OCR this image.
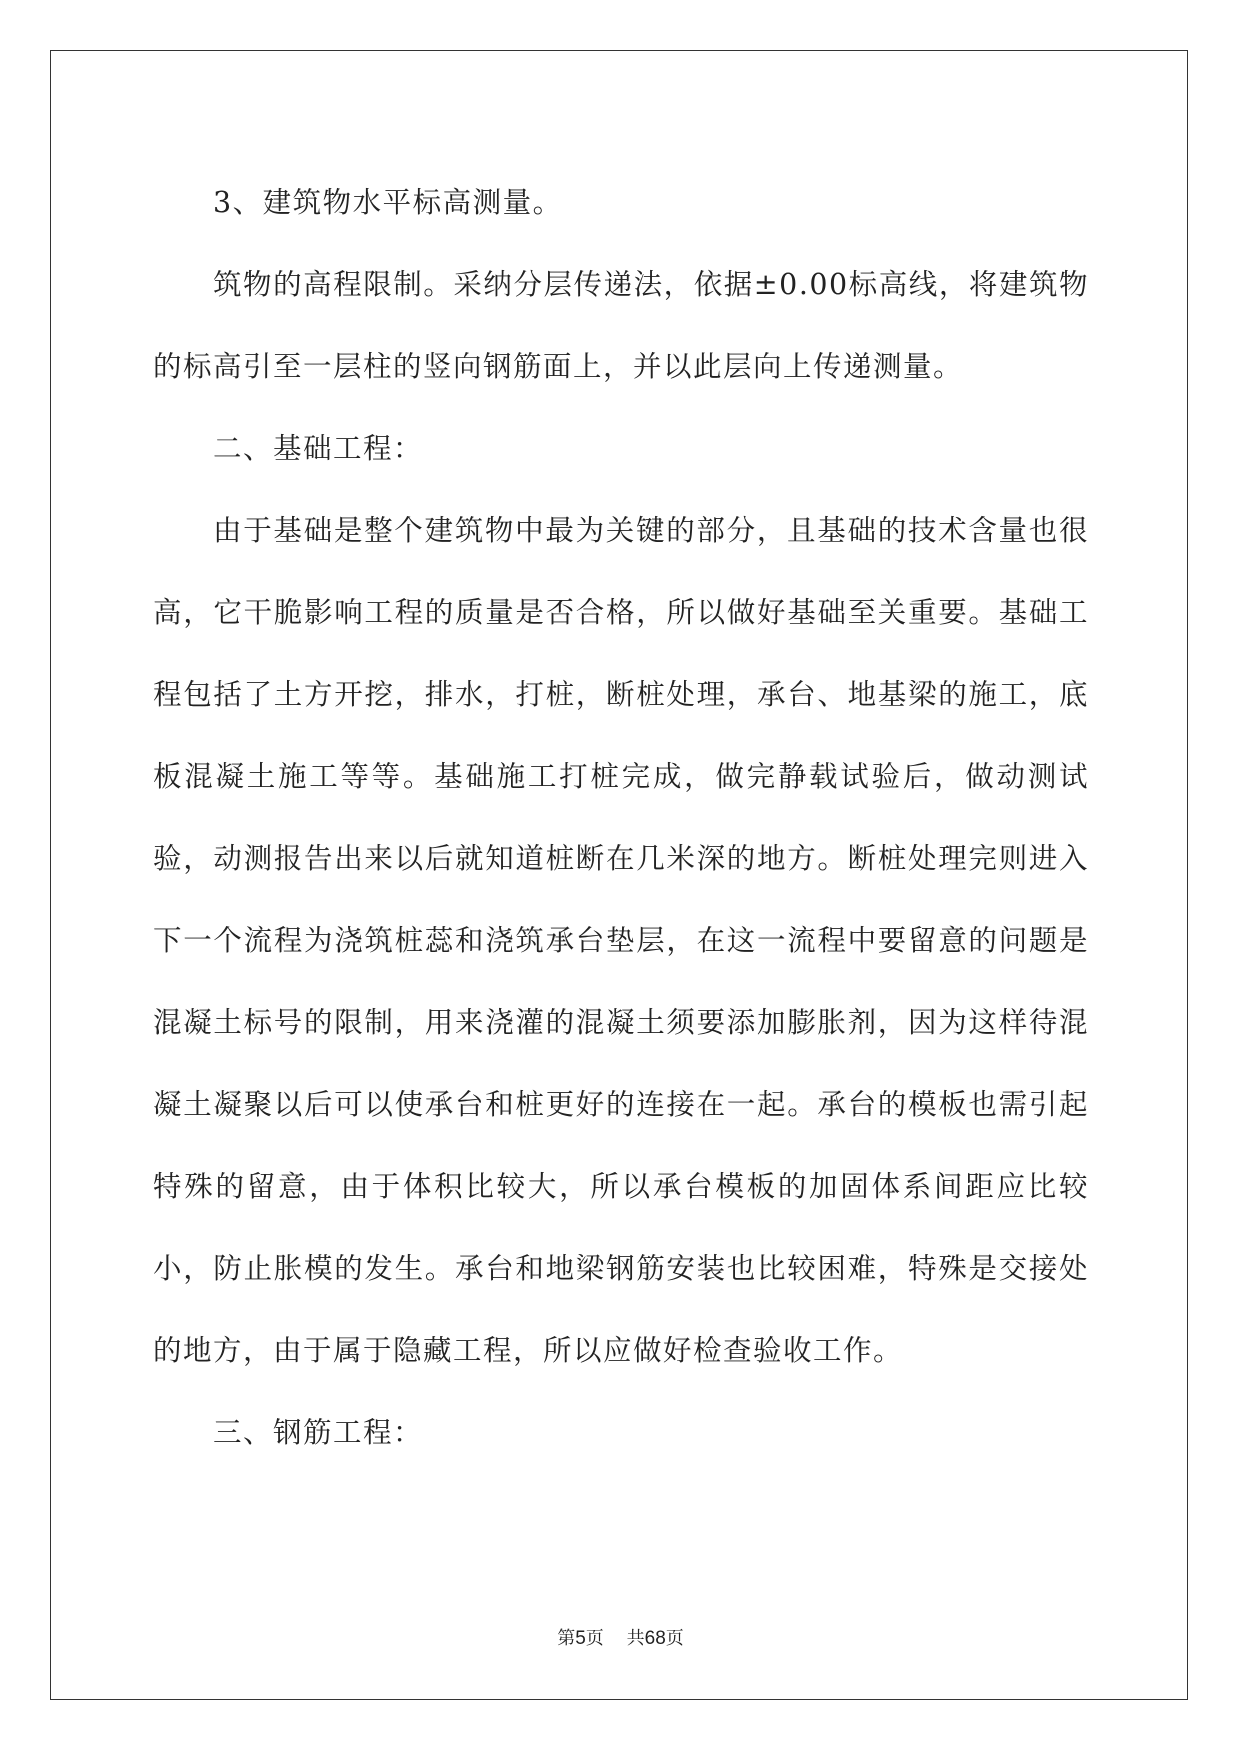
3、建筑物水平标高测量。

筑物的高程限制。采纳分层传递法，依据±0.00标高线，将建筑物的标高引至一层柱的竖向钢筋面上，并以此层向上传递测量。

二、基础工程：

由于基础是整个建筑物中最为关键的部分，且基础的技术含量也很高，它干脆影响工程的质量是否合格，所以做好基础至关重要。基础工程包括了土方开挖，排水，打桩，断桩处理，承台、地基梁的施工，底板混凝土施工等等。基础施工打桩完成，做完静载试验后，做动测试验，动测报告出来以后就知道桩断在几米深的地方。断桩处理完则进入下一个流程为浇筑桩蕊和浇筑承台垫层，在这一流程中要留意的问题是混凝土标号的限制，用来浇灌的混凝土须要添加膨胀剂，因为这样待混凝土凝聚以后可以使承台和桩更好的连接在一起。承台的模板也需引起特殊的留意，由于体积比较大，所以承台模板的加固体系间距应比较小，防止胀模的发生。承台和地梁钢筋安装也比较困难，特殊是交接处的地方，由于属于隐藏工程，所以应做好检查验收工作。

三、钢筋工程：

第5页 共68页
